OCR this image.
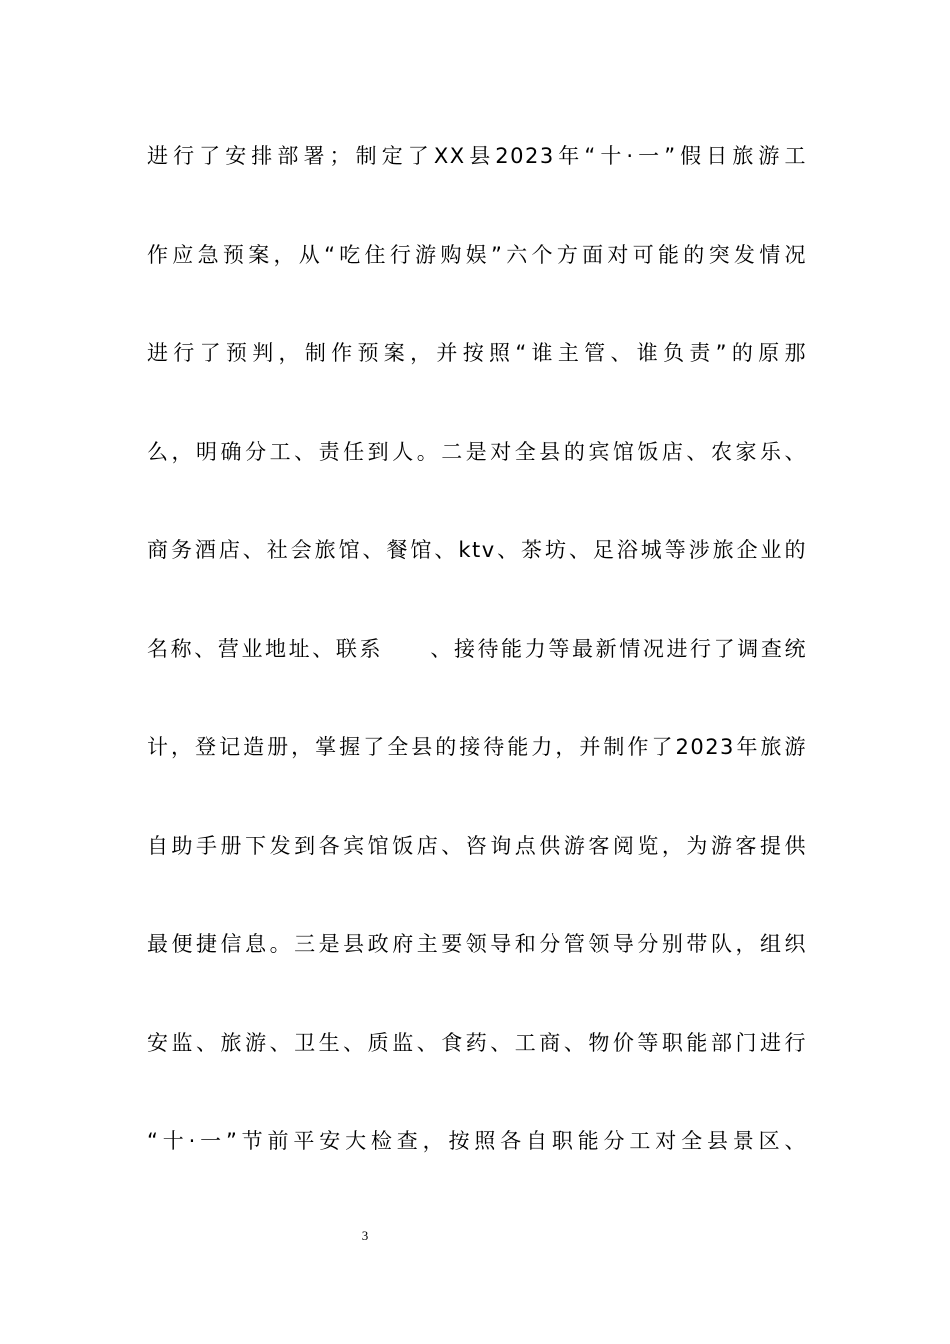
进行了安排部署；制定了XX县2023年“十·一”假日旅游工

作应急预案，从“吃住行游购娱”六个方面对可能的突发情况

进行了预判，制作预案，并按照“谁主管、谁负责”的原那

么，明确分工、责任到人。二是对全县的宾馆饭店、农家乐、

商务酒店、社会旅馆、餐馆、ktv、茶坊、足浴城等涉旅企业的

名称、营业地址、联系　　、接待能力等最新情况进行了调查统

计，登记造册，掌握了全县的接待能力，并制作了2023年旅游

自助手册下发到各宾馆饭店、咨询点供游客阅览，为游客提供

最便捷信息。三是县政府主要领导和分管领导分别带队，组织

安监、旅游、卫生、质监、食药、工商、物价等职能部门进行

“十·一”节前平安大检查，按照各自职能分工对全县景区、

3
